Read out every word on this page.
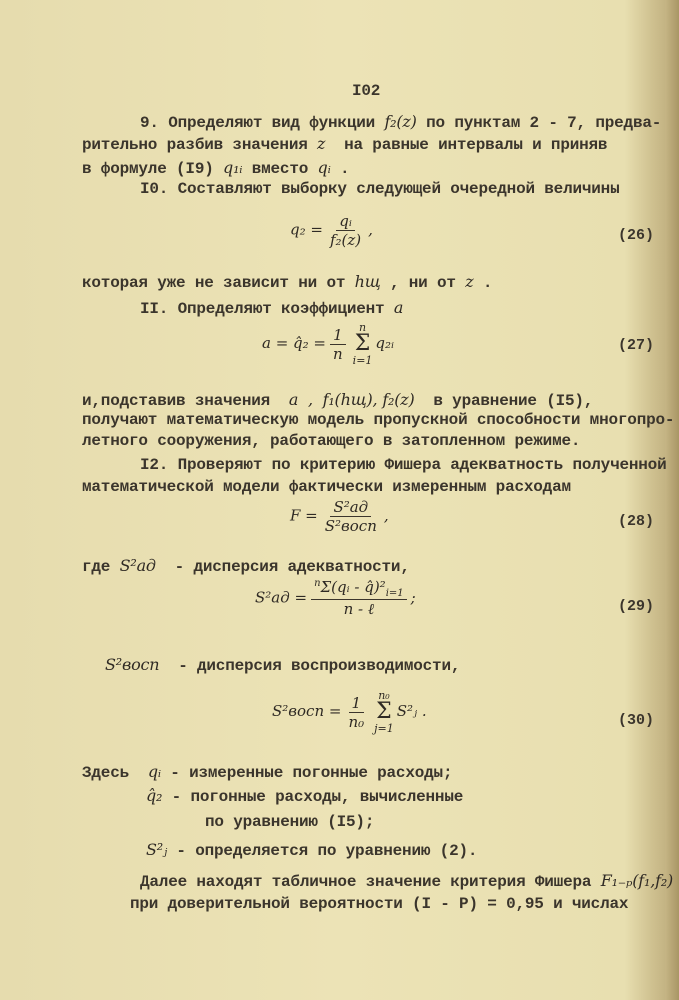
I02
9. Определяют вид функции f₂(z) по пунктам 2 - 7, предва-
рительно разбив значения z  на равные интервалы и приняв
в формуле (I9) q₁ᵢ вместо qᵢ .
I0. Составляют выборку следующей очередной величины
$q_2 = \frac{\text{qᵢ}}{\text{f₂(z)}}$ ,	(26)
которая уже не зависит ни от hщ , ни от z .
II. Определяют коэффициент a
a = q̂₂ = $\frac{1}{n}$ n
Σ
i=1
q₂ᵢ	(27)
и,подставив значения  a  ,  f₁(hщ), f₂(z)  в уравнение (I5),
получают математическую модель пропускной способности многопро-
летного сооружения, работающего в затопленном режиме.
I2. Проверяют по критерию Фишера адекватность полученной
математической модели фактически измеренным расходам
$F = \frac{\text{S²ад}}{\text{S²восп}}$ ,	(28)
где S²ад  - дисперсия адекватности,
$S^2ад = \frac{^n\Sigma(qᵢ - q̂)^2_{i=1}}{\text{n - ℓ}}$ ;	(29)
S²восп  - дисперсия воспроизводимости,
S²восп = $\frac{1}{\text{n₀}} n_0$
Σ
j=1
S²ⱼ .
(30)
Здесь qᵢ - измеренные погонные расходы;
q̂₂ - погонные расходы, вычисленные
по уравнению (I5);
S²ⱼ - определяется по уравнению (2).
Далее находят табличное значение критерия Фишера F₁₋ₚ(f₁,f₂)
при доверительной вероятности (I - P) = 0,95 и числах
